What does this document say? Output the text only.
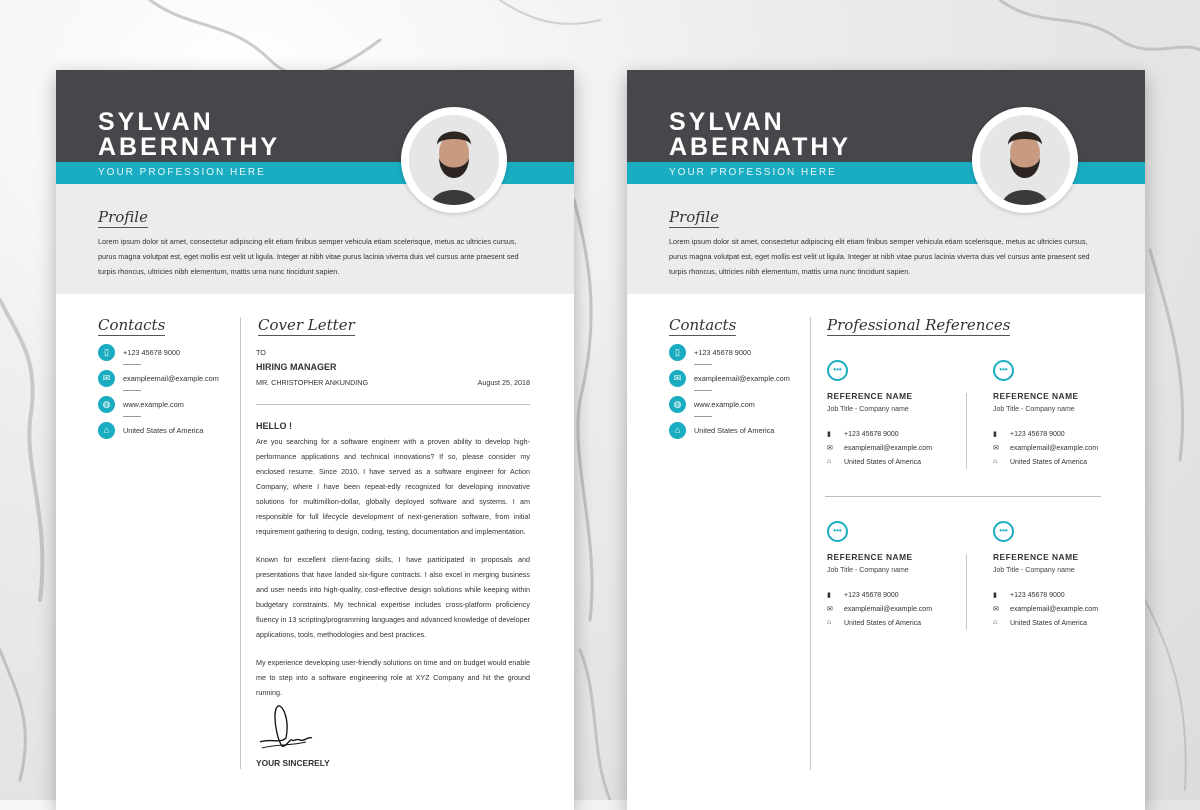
SYLVAN
ABERNATHY
YOUR PROFESSION HERE
Profile
Lorem ipsum dolor sit amet, consectetur adipiscing elit etiam finibus semper vehicula etiam scelerisque, metus ac ultricies cursus, purus magna volutpat est, eget mollis est velit ut ligula. Integer at nibh vitae purus lacinia viverra duis vel cursus ante praesent sed turpis rhoncus, ultricies nibh elementum, mattis urna nunc tincidunt sapien.
Contacts
▯	+123 45678 9000
✉	exampleemail@example.com
◍	www.example.com
⌂	United States of America
Cover Letter
TO
HIRING MANAGER
MR. CHRISTOPHER ANKUNDING	August 25, 2018
HELLO !
Are you searching for a software engineer with a proven ability to develop high-performance applications and technical innovations? If so, please consider my enclosed resume. Since 2010, I have served as a software engineer for Action Company, where I have been repeat-edly recognized for developing innovative solutions for multimillion-dollar, globally deployed software and systems. I am responsible for full lifecycle development of next-generation software, from initial requirement gathering to design, coding, testing, documentation and implementation.
Known for excellent client-facing skills, I have participated in proposals and presentations that have landed six-figure contracts. I also excel in merging business and user needs into high-quality, cost-effective design solutions while keeping within budgetary constraints. My technical expertise includes cross-platform proficiency fluency in 13 scripting/programming languages and advanced knowledge of developer applications, tools, methodologies and best practices.
My experience developing user-friendly solutions on time and on budget would enable me to step into a software engineering role at XYZ Company and hit the ground running.
YOUR SINCERELY
SYLVAN
ABERNATHY
YOUR PROFESSION HERE
Profile
Lorem ipsum dolor sit amet, consectetur adipiscing elit etiam finibus semper vehicula etiam scelerisque, metus ac ultricies cursus, purus magna volutpat est, eget mollis est velit ut ligula. Integer at nibh vitae purus lacinia viverra duis vel cursus ante praesent sed turpis rhoncus, ultricies nibh elementum, mattis urna nunc tincidunt sapien.
Contacts
▯	+123 45678 9000
✉	exampleemail@example.com
◍	www.example.com
⌂	United States of America
Professional References
•••
REFERENCE NAME
Job Title - Company name
▮ +123 45678 9000
✉ examplemail@example.com
⌂ United States of America
•••
REFERENCE NAME
Job Title - Company name
▮ +123 45678 9000
✉ examplemail@example.com
⌂ United States of America
•••
REFERENCE NAME
Job Title - Company name
▮ +123 45678 9000
✉ examplemail@example.com
⌂ United States of America
•••
REFERENCE NAME
Job Title - Company name
▮ +123 45678 9000
✉ examplemail@example.com
⌂ United States of America
